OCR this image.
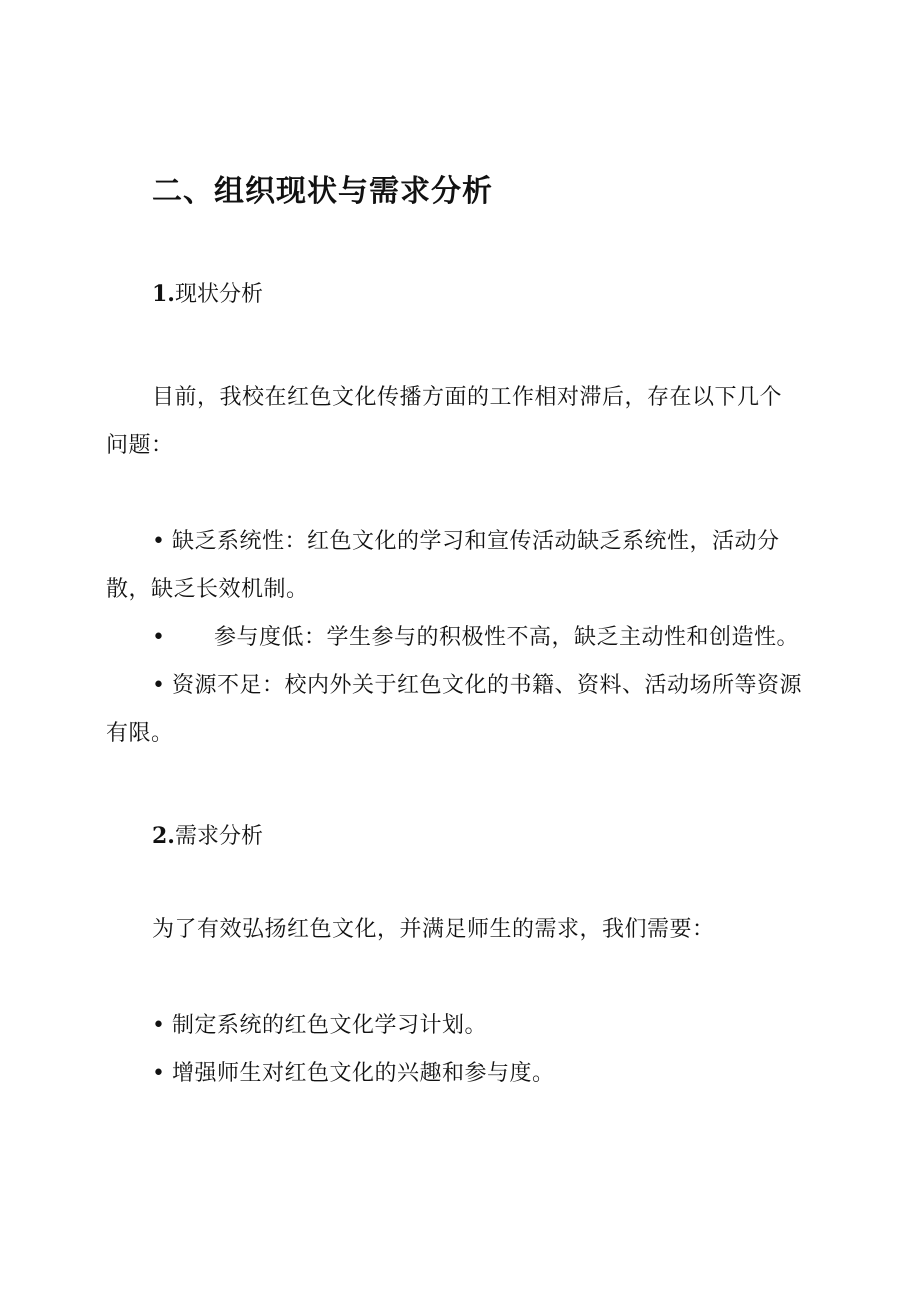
二、组织现状与需求分析
1.现状分析

目前，我校在红色文化传播方面的工作相对滞后，存在以下几个

问题：

• 缺乏系统性：红色文化的学习和宣传活动缺乏系统性，活动分

散，缺乏长效机制。

• 参与度低：学生参与的积极性不高，缺乏主动性和创造性。
• 资源不足：校内外关于红色文化的书籍、资料、活动场所等资源

有限。

2.需求分析

为了有效弘扬红色文化，并满足师生的需求，我们需要：

• 制定系统的红色文化学习计划。
• 增强师生对红色文化的兴趣和参与度。
